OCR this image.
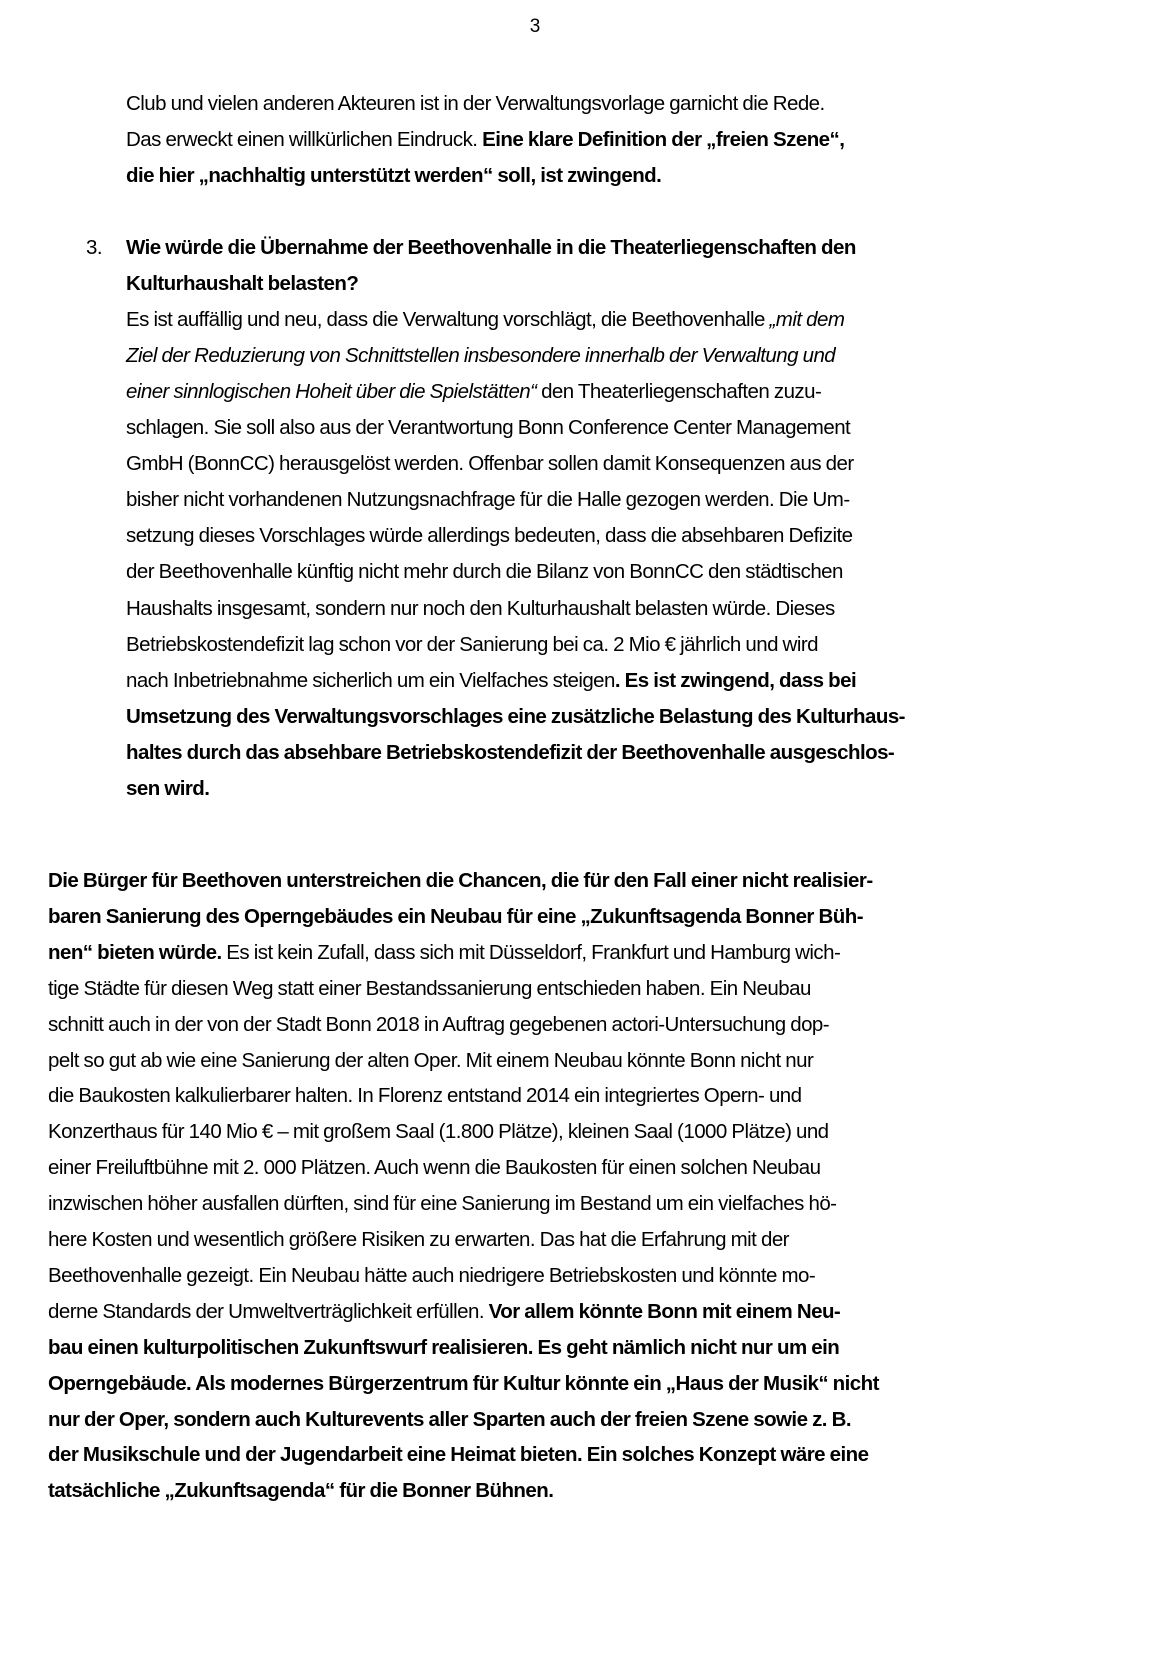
3
Club und vielen anderen Akteuren ist in der Verwaltungsvorlage garnicht die Rede.
Das erweckt einen willkürlichen Eindruck. Eine klare Definition der „freien Szene“,
die hier „nachhaltig unterstützt werden“ soll, ist zwingend.
3. Wie würde die Übernahme der Beethovenhalle in die Theaterliegenschaften den
Kulturhaushalt belasten?
Es ist auffällig und neu, dass die Verwaltung vorschlägt, die Beethovenhalle „mit dem
Ziel der Reduzierung von Schnittstellen insbesondere innerhalb der Verwaltung und
einer sinnlogischen Hoheit über die Spielstätten“ den Theaterliegenschaften zuzu-
schlagen. Sie soll also aus der Verantwortung Bonn Conference Center Management
GmbH (BonnCC) herausgelöst werden. Offenbar sollen damit Konsequenzen aus der
bisher nicht vorhandenen Nutzungsnachfrage für die Halle gezogen werden. Die Um-
setzung dieses Vorschlages würde allerdings bedeuten, dass die absehbaren Defizite
der Beethovenhalle künftig nicht mehr durch die Bilanz von BonnCC den städtischen
Haushalts insgesamt, sondern nur noch den Kulturhaushalt belasten würde. Dieses
Betriebskostendefizit lag schon vor der Sanierung bei ca. 2 Mio € jährlich und wird
nach Inbetriebnahme sicherlich um ein Vielfaches steigen. Es ist zwingend, dass bei
Umsetzung des Verwaltungsvorschlages eine zusätzliche Belastung des Kulturhaus-
haltes durch das absehbare Betriebskostendefizit der Beethovenhalle ausgeschlos-
sen wird.
Die Bürger für Beethoven unterstreichen die Chancen, die für den Fall einer nicht realisier-
baren Sanierung des Operngebäudes ein Neubau für eine „Zukunftsagenda Bonner Büh-
nen“ bieten würde. Es ist kein Zufall, dass sich mit Düsseldorf, Frankfurt und Hamburg wich-
tige Städte für diesen Weg statt einer Bestandssanierung entschieden haben. Ein Neubau
schnitt auch in der von der Stadt Bonn 2018 in Auftrag gegebenen actori-Untersuchung dop-
pelt so gut ab wie eine Sanierung der alten Oper. Mit einem Neubau könnte Bonn nicht nur
die Baukosten kalkulierbarer halten. In Florenz entstand 2014 ein integriertes Opern- und
Konzerthaus für 140 Mio € – mit großem Saal (1.800 Plätze), kleinen Saal (1000 Plätze) und
einer Freiluftbühne mit 2. 000 Plätzen. Auch wenn die Baukosten für einen solchen Neubau
inzwischen höher ausfallen dürften, sind für eine Sanierung im Bestand um ein vielfaches hö-
here Kosten und wesentlich größere Risiken zu erwarten. Das hat die Erfahrung mit der
Beethovenhalle gezeigt. Ein Neubau hätte auch niedrigere Betriebskosten und könnte mo-
derne Standards der Umweltverträglichkeit erfüllen. Vor allem könnte Bonn mit einem Neu-
bau einen kulturpolitischen Zukunftswurf realisieren. Es geht nämlich nicht nur um ein
Operngebäude. Als modernes Bürgerzentrum für Kultur könnte ein „Haus der Musik“ nicht
nur der Oper, sondern auch Kulturevents aller Sparten auch der freien Szene sowie z. B.
der Musikschule und der Jugendarbeit eine Heimat bieten. Ein solches Konzept wäre eine
tatsächliche „Zukunftsagenda“ für die Bonner Bühnen.
